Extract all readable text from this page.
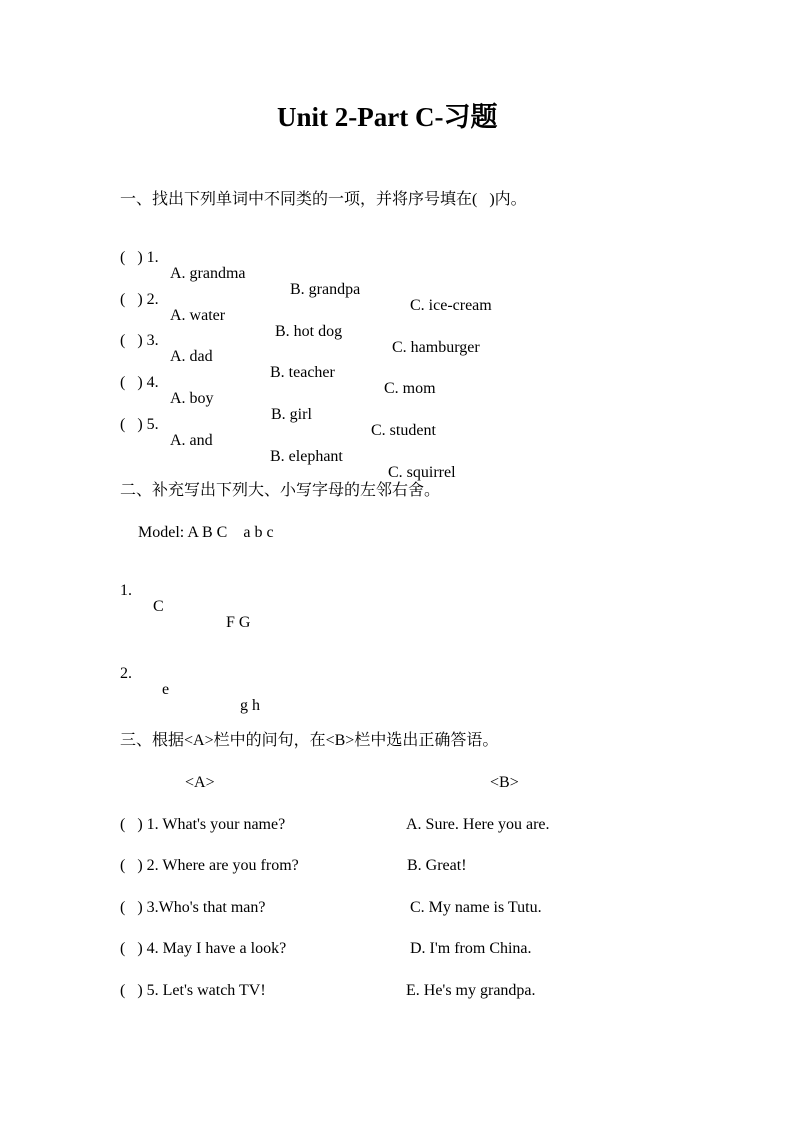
Unit 2-Part C-习题
一、找出下列单词中不同类的一项，并将序号填在(   )内。

(   ) 1.

A. grandma

B. grandpa

C. ice-cream

(   ) 2.

A. water

B. hot dog

C. hamburger

(   ) 3.

A. dad

B. teacher

C. mom

(   ) 4.

A. boy

B. girl

C. student

(   ) 5.

A. and

B. elephant

C. squirrel

二、补充写出下列大、小写字母的左邻右舍。
Model: A B C    a b c

1.

C

F G

2.

e

g h

三、根据<A>栏中的问句，在<B>栏中选出正确答语。
<A>	<B>
(   ) 1. What's your name?	A. Sure. Here you are.
(   ) 2. Where are you from?	B. Great!
(   ) 3.Who's that man?	C. My name is Tutu.
(   ) 4. May I have a look?	D. I'm from China.
(   ) 5. Let's watch TV!	E. He's my grandpa.
